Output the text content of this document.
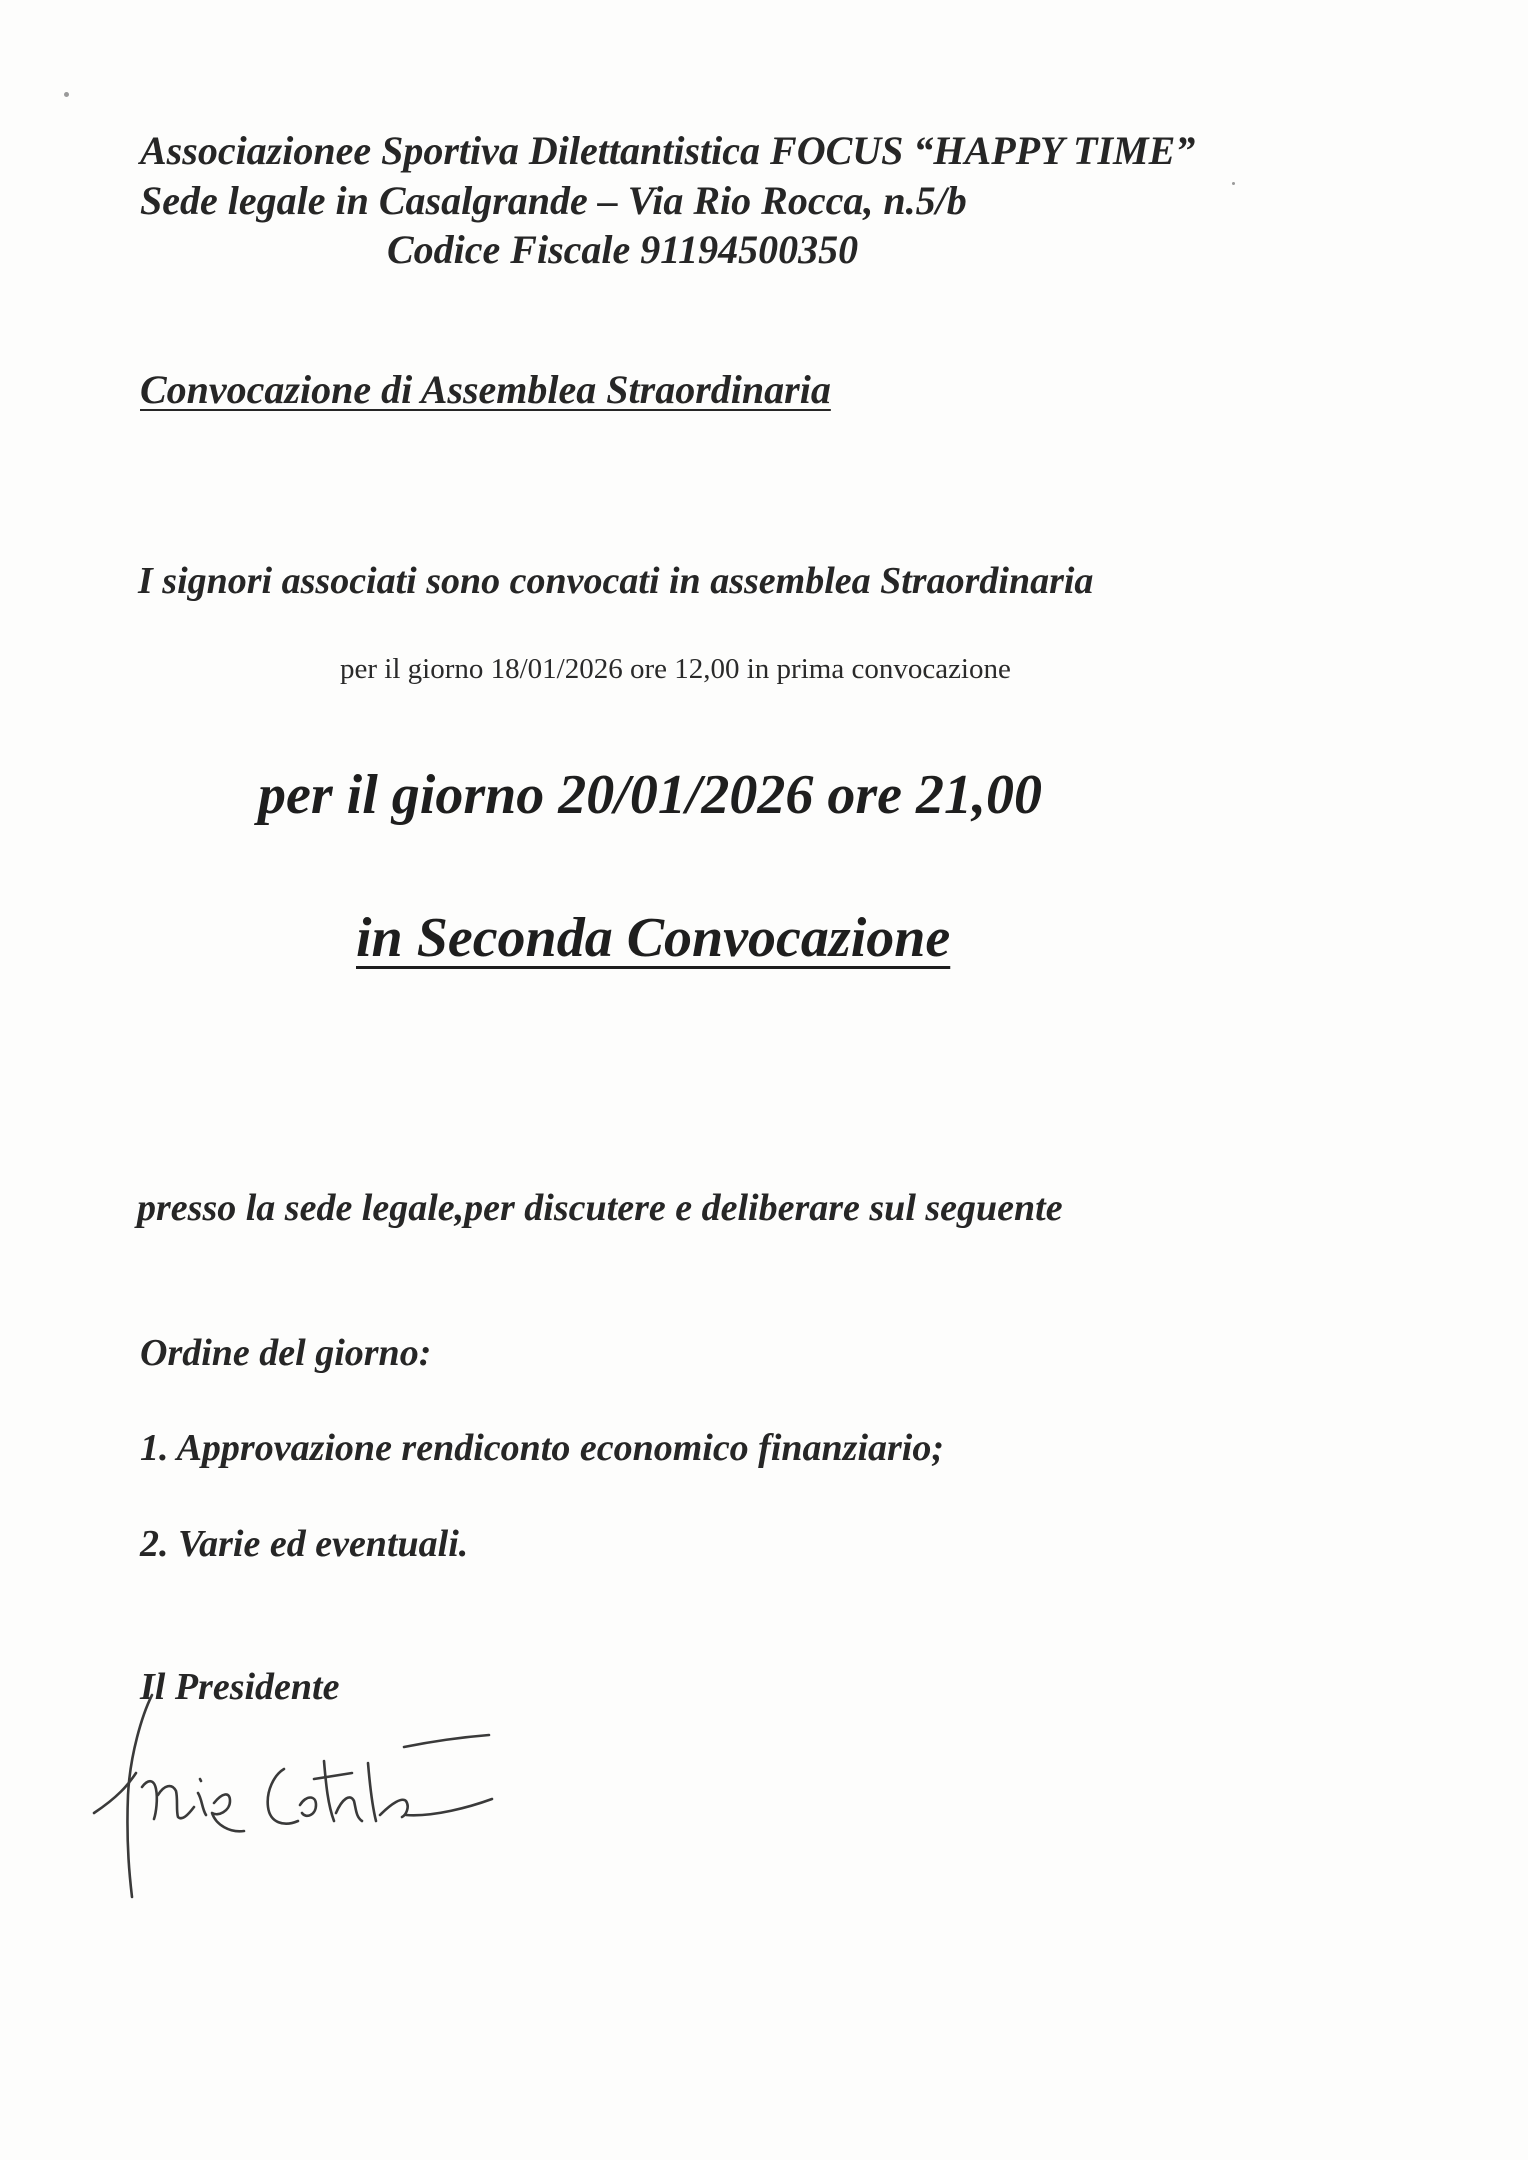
Associazionee Sportiva Dilettantistica FOCUS “HAPPY TIME”
Sede legale in Casalgrande – Via Rio Rocca, n.5/b
Codice Fiscale 91194500350
Convocazione di Assemblea Straordinaria
I signori associati sono convocati in assemblea Straordinaria
per il giorno 18/01/2026 ore 12,00 in prima convocazione
per il giorno 20/01/2026 ore 21,00
in Seconda Convocazione
presso la sede legale,per discutere e deliberare sul seguente
Ordine del giorno:
1. Approvazione rendiconto economico finanziario;
2. Varie ed eventuali.
Il Presidente
